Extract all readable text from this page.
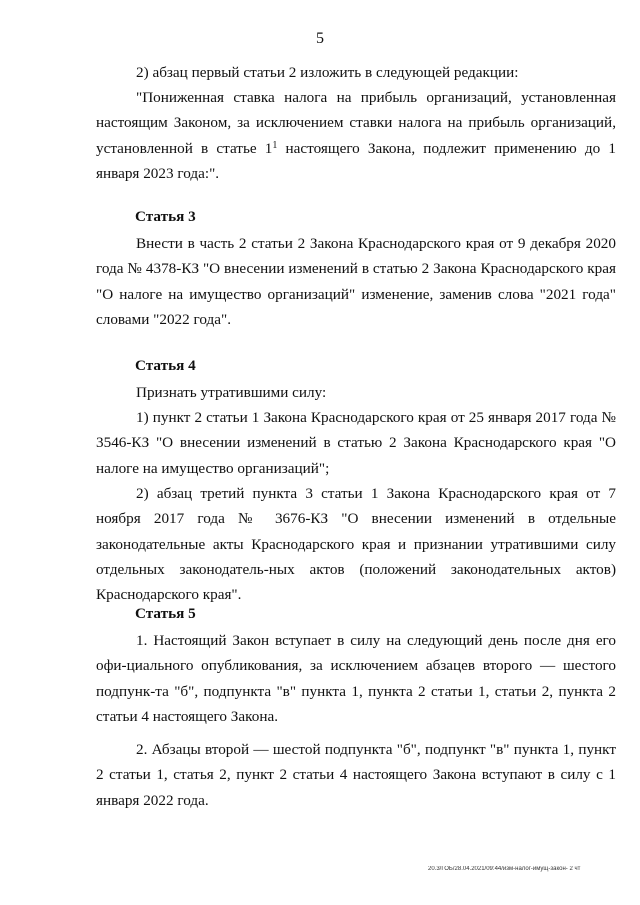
5
2) абзац первый статьи 2 изложить в следующей редакции:
"Пониженная ставка налога на прибыль организаций, установленная настоящим Законом, за исключением ставки налога на прибыль организаций, установленной в статье $1^1$ настоящего Закона, подлежит применению до 1 января 2023 года:".
Статья 3
Внести в часть 2 статьи 2 Закона Краснодарского края от 9 декабря 2020 года № 4378-КЗ "О внесении изменений в статью 2 Закона Краснодарского края "О налоге на имущество организаций" изменение, заменив слова "2021 года" словами "2022 года".
Статья 4
Признать утратившими силу:
1) пункт 2 статьи 1 Закона Краснодарского края от 25 января 2017 года № 3546-КЗ "О внесении изменений в статью 2 Закона Краснодарского края "О налоге на имущество организаций";
2) абзац третий пункта 3 статьи 1 Закона Краснодарского края от 7 ноября 2017 года № 3676-КЗ "О внесении изменений в отдельные законодательные акты Краснодарского края и признании утратившими силу отдельных законодатель-ных актов (положений законодательных актов) Краснодарского края".
Статья 5
1. Настоящий Закон вступает в силу на следующий день после дня его офи-циального опубликования, за исключением абзацев второго — шестого подпунк-та "б", подпункта "в" пункта 1, пункта 2 статьи 1, статьи 2, пункта 2 статьи 4 настоящего Закона.
2. Абзацы второй — шестой подпункта "б", подпункт "в" пункта 1, пункт 2 статьи 1, статья 2, пункт 2 статьи 4 настоящего Закона вступают в силу с 1 января 2022 года.
20.3/ГОБ/28.04.2021/09:44/изм-налог-имущ-закон- 2 чт
